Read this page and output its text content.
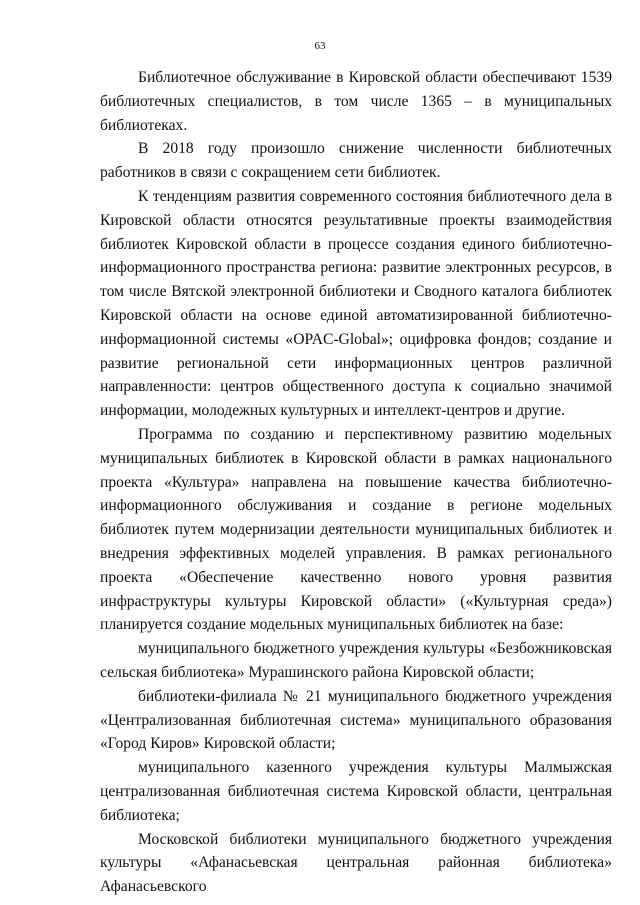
63

Библиотечное обслуживание в Кировской области обеспечивают 1539 библиотечных специалистов, в том числе 1365 – в муниципальных библиотеках.

В 2018 году произошло снижение численности библиотечных работников в связи с сокращением сети библиотек.

К тенденциям развития современного состояния библиотечного дела в Кировской области относятся результативные проекты взаимодействия библиотек Кировской области в процессе создания единого библиотечно-информационного пространства региона: развитие электронных ресурсов, в том числе Вятской электронной библиотеки и Сводного каталога библиотек Кировской области на основе единой автоматизированной библиотечно-информационной системы «OPAC-Global»; оцифровка фондов; создание и развитие региональной сети информационных центров различной направленности: центров общественного доступа к социально значимой информации, молодежных культурных и интеллект-центров и другие.

Программа по созданию и перспективному развитию модельных муниципальных библиотек в Кировской области в рамках национального проекта «Культура» направлена на повышение качества библиотечно-информационного обслуживания и создание в регионе модельных библиотек путем модернизации деятельности муниципальных библиотек и внедрения эффективных моделей управления. В рамках регионального проекта «Обеспечение качественно нового уровня развития инфраструктуры культуры Кировской области» («Культурная среда») планируется создание модельных муниципальных библиотек на базе:

муниципального бюджетного учреждения культуры «Безбожниковская сельская библиотека» Мурашинского района Кировской области;

библиотеки-филиала № 21 муниципального бюджетного учреждения «Централизованная библиотечная система» муниципального образования «Город Киров» Кировской области;

муниципального казенного учреждения культуры Малмыжская централизованная библиотечная система Кировской области, центральная библиотека;

Московской библиотеки муниципального бюджетного учреждения культуры «Афанасьевская центральная районная библиотека» Афанасьевского
